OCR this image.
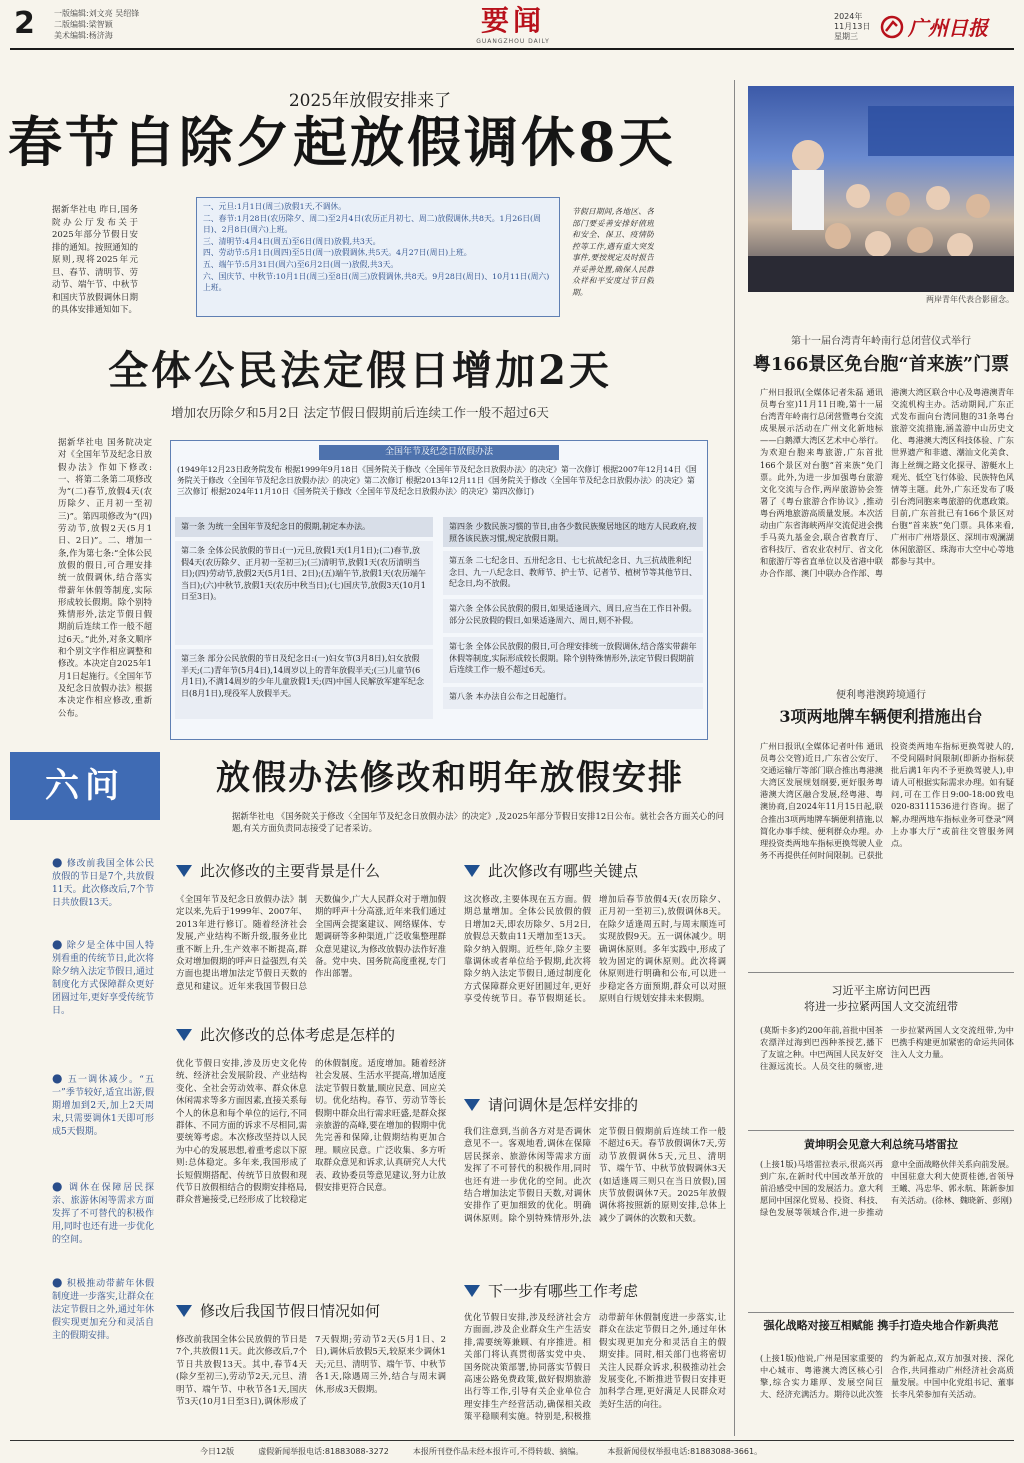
2 一版编辑:刘文亮 吴绍锋
二版编辑:梁智颖
美术编辑:杨济海	要闻
GUANGZHOU DAILY
2024年
11月13日
星期三	广州日报
2025年放假安排来了
春节自除夕起放假调休8天
据新华社电 昨日,国务院办公厅发布关于2025年部分节假日安排的通知。按照通知的原则,现将2025年元旦、春节、清明节、劳动节、端午节、中秋节和国庆节放假调休日期的具体安排通知如下。
一、元旦:1月1日(周三)放假1天,不调休。
二、春节:1月28日(农历除夕、周二)至2月4日(农历正月初七、周二)放假调休,共8天。1月26日(周日)、2月8日(周六)上班。
三、清明节:4月4日(周五)至6日(周日)放假,共3天。
四、劳动节:5月1日(周四)至5日(周一)放假调休,共5天。4月27日(周日)上班。
五、端午节:5月31日(周六)至6月2日(周一)放假,共3天。
六、国庆节、中秋节:10月1日(周三)至8日(周三)放假调休,共8天。9月28日(周日)、10月11日(周六)上班。
节假日期间,各地区、各部门要妥善安排好值班和安全、保卫、疫情防控等工作,遇有重大突发事件,要按规定及时报告并妥善处置,确保人民群众祥和平安度过节日假期。
全体公民法定假日增加2天
增加农历除夕和5月2日 法定节假日假期前后连续工作一般不超过6天
据新华社电 国务院决定对《全国年节及纪念日放假办法》作如下修改:一、将第二条第二项修改为“(二)春节,放假4天(农历除夕、正月初一至初三)”。第四项修改为“(四)劳动节,放假2天(5月1日、2日)”。二、增加一条,作为第七条:“全体公民放假的假日,可合理安排统一放假调休,结合落实带薪年休假等制度,实际形成较长假期。除个别特殊情形外,法定节假日假期前后连续工作一般不超过6天。”此外,对条文顺序和个别文字作相应调整和修改。本决定自2025年1月1日起施行。《全国年节及纪念日放假办法》根据本决定作相应修改,重新公布。
全国年节及纪念日放假办法
(1949年12月23日政务院发布 根据1999年9月18日《国务院关于修改〈全国年节及纪念日放假办法〉的决定》第一次修订 根据2007年12月14日《国务院关于修改〈全国年节及纪念日放假办法〉的决定》第二次修订 根据2013年12月11日《国务院关于修改〈全国年节及纪念日放假办法〉的决定》第三次修订 根据2024年11月10日《国务院关于修改〈全国年节及纪念日放假办法〉的决定》第四次修订)
第一条 为统一全国年节及纪念日的假期,制定本办法。
第二条 全体公民放假的节日:(一)元旦,放假1天(1月1日);(二)春节,放假4天(农历除夕、正月初一至初三);(三)清明节,放假1天(农历清明当日);(四)劳动节,放假2天(5月1日、2日);(五)端午节,放假1天(农历端午当日);(六)中秋节,放假1天(农历中秋当日);(七)国庆节,放假3天(10月1日至3日)。
第三条 部分公民放假的节日及纪念日:(一)妇女节(3月8日),妇女放假半天;(二)青年节(5月4日),14周岁以上的青年放假半天;(三)儿童节(6月1日),不满14周岁的少年儿童放假1天;(四)中国人民解放军建军纪念日(8月1日),现役军人放假半天。
第四条 少数民族习惯的节日,由各少数民族聚居地区的地方人民政府,按照各该民族习惯,规定放假日期。
第五条 二七纪念日、五卅纪念日、七七抗战纪念日、九三抗战胜利纪念日、九一八纪念日、教师节、护士节、记者节、植树节等其他节日、纪念日,均不放假。
第六条 全体公民放假的假日,如果适逢周六、周日,应当在工作日补假。部分公民放假的假日,如果适逢周六、周日,则不补假。
第七条 全体公民放假的假日,可合理安排统一放假调休,结合落实带薪年休假等制度,实际形成较长假期。除个别特殊情形外,法定节假日假期前后连续工作一般不超过6天。
第八条 本办法自公布之日起施行。
六问	放假办法修改和明年放假安排
据新华社电 《国务院关于修改〈全国年节及纪念日放假办法〉的决定》,及2025年部分节假日安排12日公布。就社会各方面关心的问题,有关方面负责同志接受了记者采访。
● 修改前我国全体公民放假的节日是7个,共放假11天。此次修改后,7个节日共放假13天。
● 除夕是全体中国人特别看重的传统节日,此次将除夕纳入法定节假日,通过制度化方式保障群众更好团圆过年,更好享受传统节日。
● 五一调休减少。“五一”季节较好,适宜出游,假期增加到2天,加上2天周末,只需要调休1天即可形成5天假期。
● 调休在保障居民探亲、旅游休闲等需求方面发挥了不可替代的积极作用,同时也还有进一步优化的空间。
● 积极推动带薪年休假制度进一步落实,让群众在法定节假日之外,通过年休假实现更加充分和灵活自主的假期安排。
此次修改的主要背景是什么
《全国年节及纪念日放假办法》制定以来,先后于1999年、2007年、2013年进行修订。随着经济社会发展,产业结构不断升级,服务业比重不断上升,生产效率不断提高,群众对增加假期的呼声日益强烈,有关方面也提出增加法定节假日天数的意见和建议。近年来我国节假日总天数偏少,广大人民群众对于增加假期的呼声十分高涨,近年来我们通过全国两会提案建议、网络媒体、专题调研等多种渠道,广泛收集整理群众意见建议,为修改放假办法作好准备。党中央、国务院高度重视,专门作出部署。
此次修改有哪些关键点
这次修改,主要体现在五方面。假期总量增加。全体公民放假的假日增加2天,即农历除夕、5月2日,放假总天数由11天增加至13天。除夕纳入假期。近些年,除夕主要靠调休或者单位给予假期,此次将除夕纳入法定节假日,通过制度化方式保障群众更好团圆过年,更好享受传统节日。春节假期延长。增加后春节放假4天(农历除夕、正月初一至初三),放假调休8天。在除夕适逢周五时,与周末顺连可实现放假9天。五一调休减少。明确调休原则。多年实践中,形成了较为固定的调休原则。此次将调休原则进行明确和公布,可以进一步稳定各方面预期,群众可以对照原则自行规划安排未来假期。
此次修改的总体考虑是怎样的
优化节假日安排,涉及历史文化传统、经济社会发展阶段、产业结构变化、全社会劳动效率、群众休息休闲需求等多方面因素,直接关系每个人的休息和每个单位的运行,不同群体、不同方面的诉求不尽相同,需要统筹考虑。本次修改坚持以人民为中心的发展思想,着重考虑以下原则:总体稳定。多年来,我国形成了长短假期搭配、传统节日放假和现代节日放假相结合的假期安排格局,群众普遍接受,已经形成了比较稳定的休假制度。适度增加。随着经济社会发展、生活水平提高,增加适度法定节假日数量,顺应民意、回应关切。优化结构。春节、劳动节等长假期中群众出行需求旺盛,是群众探亲旅游的高峰,要在增加的假期中优先完善和保障,让假期结构更加合理。顺应民意。广泛收集、多方听取群众意见和诉求,认真研究人大代表、政协委员等意见建议,努力让放假安排更符合民意。
请问调休是怎样安排的
我们注意到,当前各方对是否调休意见不一。客观地看,调休在保障居民探亲、旅游休闲等需求方面发挥了不可替代的积极作用,同时也还有进一步优化的空间。此次结合增加法定节假日天数,对调休安排作了更加细致的优化。明确调休原则。除个别特殊情形外,法定节假日假期前后连续工作一般不超过6天。春节放假调休7天,劳动节放假调休5天,元旦、清明节、端午节、中秋节放假调休3天(如适逢周三则只在当日放假),国庆节放假调休7天。2025年放假调休将按照新的原则安排,总体上减少了调休的次数和天数。
修改后我国节假日情况如何
修改前我国全体公民放假的节日是7个,共放假11天。此次修改后,7个节日共放假13天。其中,春节4天(除夕至初三),劳动节2天,元旦、清明节、端午节、中秋节各1天,国庆节3天(10月1日至3日),调休形成了7天假期;劳动节2天(5月1日、2日),调休后放假5天,较原来少调休1天;元旦、清明节、端午节、中秋节各1天,除遇周三外,结合与周末调休,形成3天假期。
下一步有哪些工作考虑
优化节假日安排,涉及经济社会方方面面,涉及企业群众生产生活安排,需要统筹兼顾、有序推进。相关部门将认真贯彻落实党中央、国务院决策部署,协同落实节假日高速公路免费政策,做好假期旅游出行等工作,引导有关企业单位合理安排生产经营活动,确保相关政策平稳顺利实施。特别是,积极推动带薪年休假制度进一步落实,让群众在法定节假日之外,通过年休假实现更加充分和灵活自主的假期安排。同时,相关部门也将密切关注人民群众诉求,积极推动社会发展变化,不断推进节假日安排更加科学合理,更好满足人民群众对美好生活的向往。
两岸青年代表合影留念。
第十一届台湾青年岭南行总闭营仪式举行
粤166景区免台胞“首来族”门票
广州日报讯(全媒体记者朱磊 通讯员粤台室)11月11日晚,第十一届台湾青年岭南行总闭营暨粤台交流成果展示活动在广州文化新地标——白鹅潭大湾区艺术中心举行。为欢迎台胞来粤旅游,广东首批166个景区对台胞“首来族”免门票。此外,为进一步加强粤台旅游文化交流与合作,两岸旅游协会签署了《粤台旅游合作协议》,推动粤台两地旅游高质量发展。本次活动由广东省海峡两岸交流促进会携手马英九基金会,联合省教育厅、省科技厅、省农业农村厅、省文化和旅游厅等省直单位以及省港中联办合作部、澳门中联办合作部、粤港澳大湾区联合中心及粤港澳青年交流机构主办。活动期间,广东正式发布面向台湾同胞的31条粤台旅游交流措施,涵盖游中山历史文化、粤港澳大湾区科技体验、广东世界遗产和非遗、潮汕文化美食、海上丝绸之路文化探寻、游艇水上观光、低空飞行体验、民族特色风情等主题。此外,广东还发布了吸引台湾同胞来粤旅游的优惠政策。目前,广东首批已有166个景区对台胞“首来族”免门票。具体来看,广州市广州塔景区、深圳市观澜湖休闲旅游区、珠海市大空中心等地都参与其中。
便利粤港澳跨境通行
3项两地牌车辆便利措施出台
广州日报讯(全媒体记者叶伟 通讯员粤公交管)近日,广东省公安厅、交通运输厅等部门联合推出粤港澳大湾区发展规划纲要,更好服务粤港澳大湾区融合发展,经粤港、粤澳协商,自2024年11月15日起,联合推出3项两地牌车辆便利措施,以简化办事手续、便利群众办理。办理投资类两地车指标更换驾驶人业务不再提供任何时间限制。已获批投资类两地车指标更换驾驶人的,不受间隔时间限制(即新办指标获批后满1年内不予更换驾驶人),申请人可根据实际需求办理。如有疑问,可在工作日9:00-18:00致电020-83111536进行咨询。据了解,办理两地车指标业务可登录“网上办事大厅”或前往交管服务网点。
习近平主席访问巴西
将进一步拉紧两国人文交流纽带
(莫斯卡多)约200年前,首批中国茶农漂洋过海到巴西种茶授艺,播下了友谊之种。中巴两国人民友好交往源远流长。人员交往的频密,进一步拉紧两国人文交流纽带,为中巴携手构建更加紧密的命运共同体注入人文力量。
黄坤明会见意大利总统马塔雷拉
(上接1版)马塔雷拉表示,很高兴再到广东,在新时代中国改革开放的前沿感受中国的发展活力。意大利愿同中国深化贸易、投资、科技、绿色发展等领域合作,进一步推动意中全面战略伙伴关系向前发展。中国驻意大利大使贾桂德,省领导王曦、冯忠华、郭永航、陈新参加有关活动。(徐林、魏晓新、彭刚)
强化战略对接互相赋能 携手打造央地合作新典范
(上接1版)他说,广州是国家重要的中心城市、粤港澳大湾区核心引擎,综合实力雄厚、发展空间巨大、经济充满活力。期待以此次签约为新起点,双方加强对接、深化合作,共同推动广州经济社会高质量发展。中国中化党组书记、董事长李凡荣参加有关活动。
今日12版	虚假新闻举报电话:81883088-3272	本报所刊登作品未经本报许可,不得转载、摘编。	本报新闻侵权举报电话:81883088-3661。
